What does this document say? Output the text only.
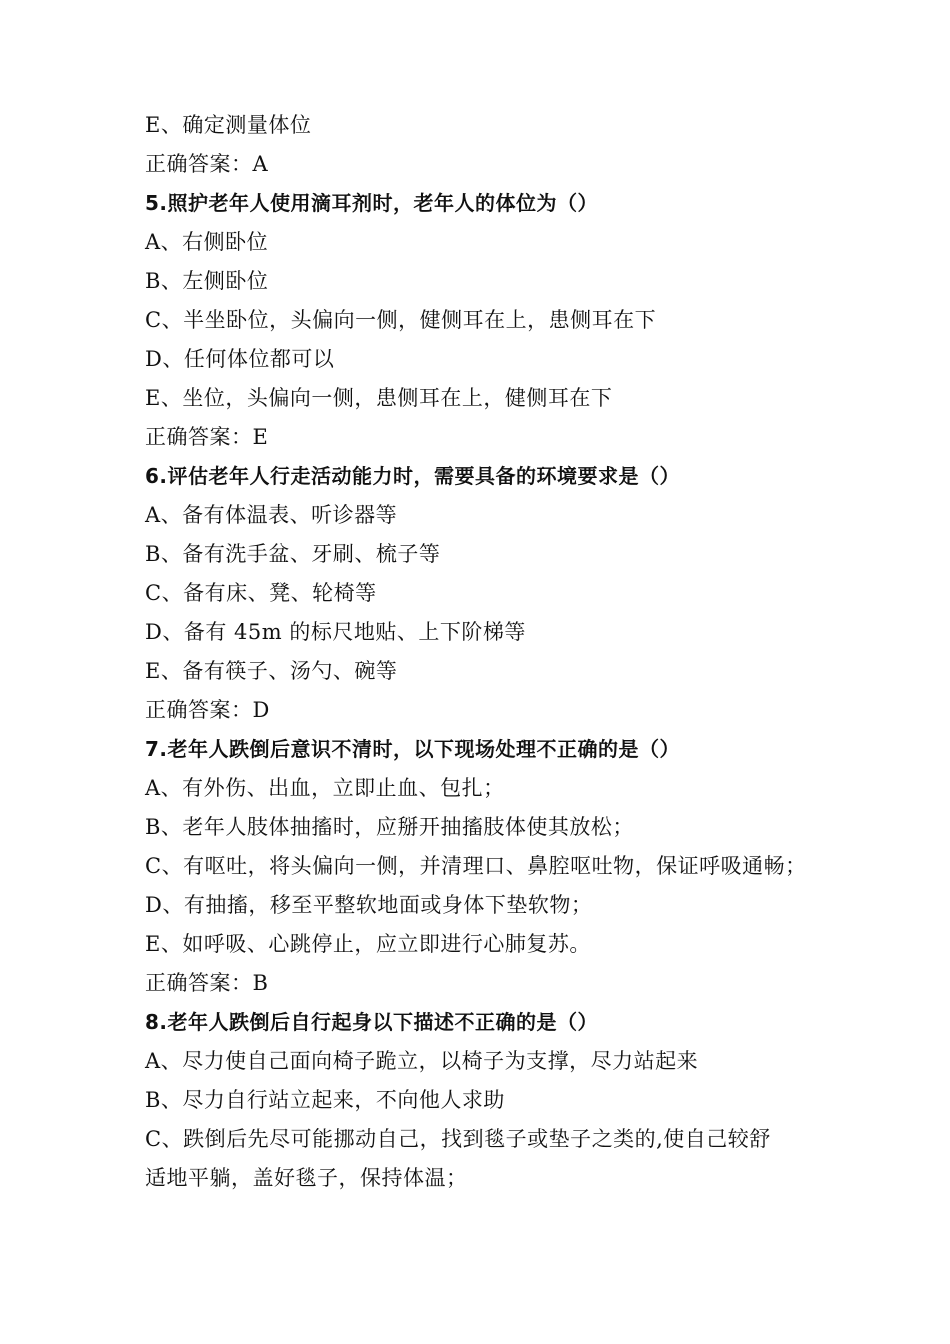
E、确定测量体位
正确答案：A
5.照护老年人使用滴耳剂时，老年人的体位为（）
A、右侧卧位
B、左侧卧位
C、半坐卧位，头偏向一侧，健侧耳在上，患侧耳在下
D、任何体位都可以
E、坐位，头偏向一侧，患侧耳在上，健侧耳在下
正确答案：E
6.评估老年人行走活动能力时，需要具备的环境要求是（）
A、备有体温表、听诊器等
B、备有洗手盆、牙刷、梳子等
C、备有床、凳、轮椅等
D、备有 45m 的标尺地贴、上下阶梯等
E、备有筷子、汤勺、碗等
正确答案：D
7.老年人跌倒后意识不清时，以下现场处理不正确的是（）
A、有外伤、出血，立即止血、包扎；
B、老年人肢体抽搐时，应掰开抽搐肢体使其放松；
C、有呕吐，将头偏向一侧，并清理口、鼻腔呕吐物，保证呼吸通畅；
D、有抽搐，移至平整软地面或身体下垫软物；
E、如呼吸、心跳停止，应立即进行心肺复苏。
正确答案：B
8.老年人跌倒后自行起身以下描述不正确的是（）
A、尽力使自己面向椅子跪立，以椅子为支撑，尽力站起来
B、尽力自行站立起来，不向他人求助
C、跌倒后先尽可能挪动自己，找到毯子或垫子之类的,使自己较舒
适地平躺，盖好毯子，保持体温；
